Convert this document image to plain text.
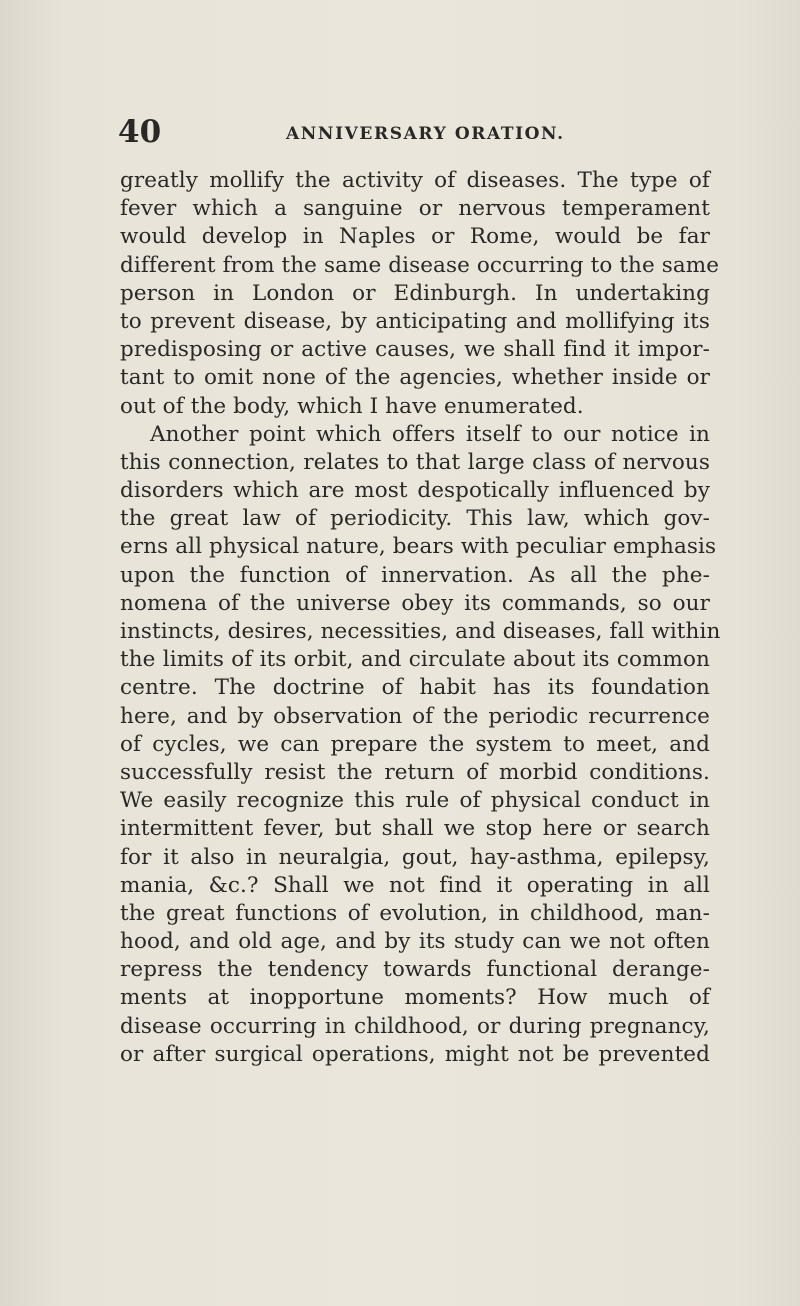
40	ANNIVERSARY ORATION.
greatly mollify the activity of diseases. The type of
fever which a sanguine or nervous temperament
would develop in Naples or Rome, would be far
different from the same disease occurring to the same
person in London or Edinburgh. In undertaking
to prevent disease, by anticipating and mollifying its
predisposing or active causes, we shall find it impor-
tant to omit none of the agencies, whether inside or
out of the body, which I have enumerated.
Another point which offers itself to our notice in
this connection, relates to that large class of nervous
disorders which are most despotically influenced by
the great law of periodicity. This law, which gov-
erns all physical nature, bears with peculiar emphasis
upon the function of innervation. As all the phe-
nomena of the universe obey its commands, so our
instincts, desires, necessities, and diseases, fall within
the limits of its orbit, and circulate about its common
centre. The doctrine of habit has its foundation
here, and by observation of the periodic recurrence
of cycles, we can prepare the system to meet, and
successfully resist the return of morbid conditions.
We easily recognize this rule of physical conduct in
intermittent fever, but shall we stop here or search
for it also in neuralgia, gout, hay-asthma, epilepsy,
mania, &c.? Shall we not find it operating in all
the great functions of evolution, in childhood, man-
hood, and old age, and by its study can we not often
repress the tendency towards functional derange-
ments at inopportune moments? How much of
disease occurring in childhood, or during pregnancy,
or after surgical operations, might not be prevented
